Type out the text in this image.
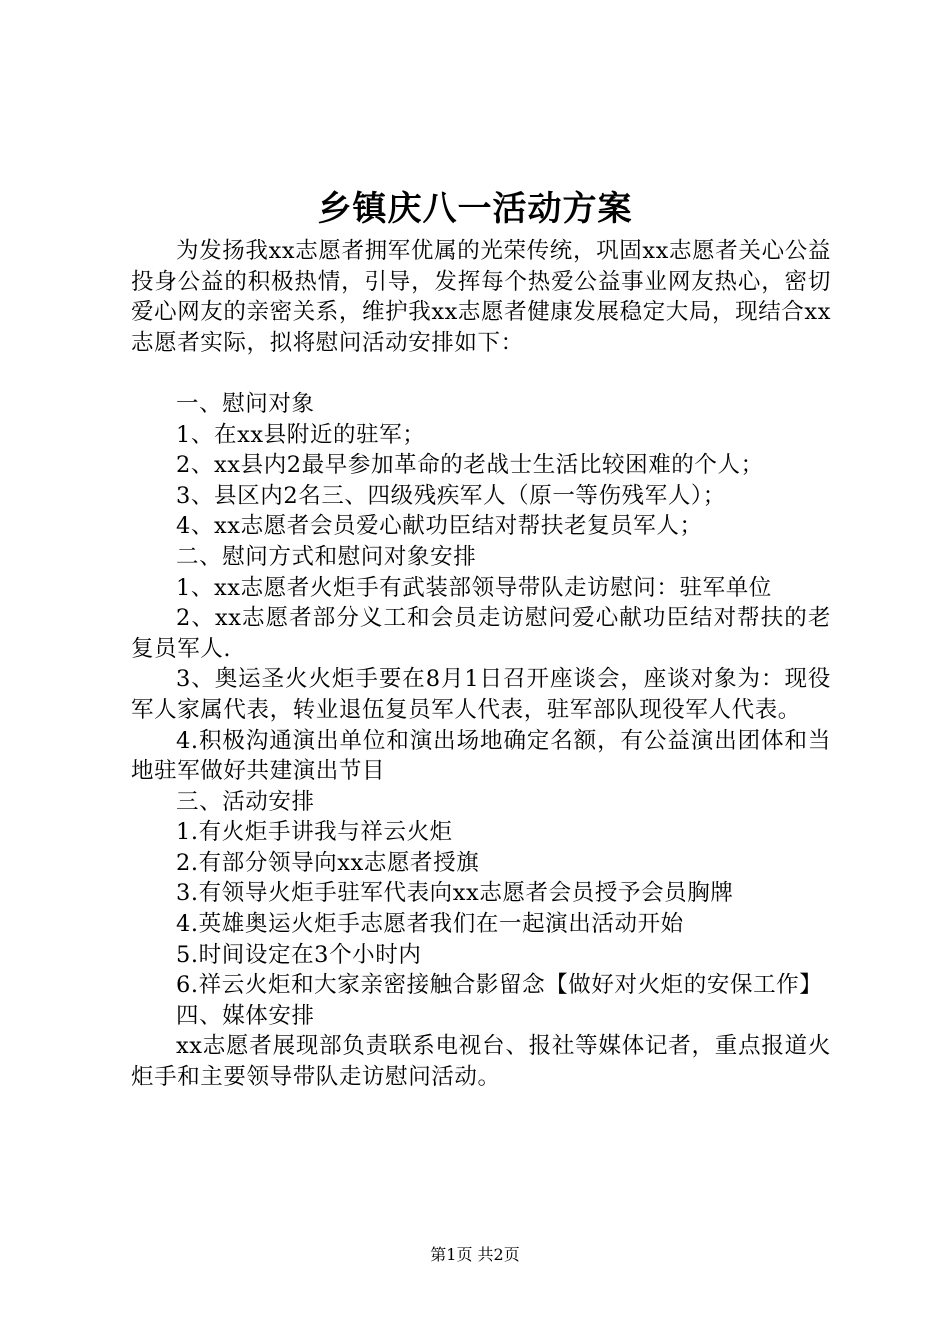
乡镇庆八一活动方案

为发扬我xx志愿者拥军优属的光荣传统，巩固xx志愿者关心公益投身公益的积极热情，引导，发挥每个热爱公益事业网友热心，密切爱心网友的亲密关系，维护我xx志愿者健康发展稳定大局，现结合xx志愿者实际，拟将慰问活动安排如下：

一、慰问对象

1、在xx县附近的驻军；

2、xx县内2最早参加革命的老战士生活比较困难的个人；

3、县区内2名三、四级残疾军人（原一等伤残军人）；

4、xx志愿者会员爱心献功臣结对帮扶老复员军人；

二、慰问方式和慰问对象安排

1、xx志愿者火炬手有武装部领导带队走访慰问：驻军单位

2、xx志愿者部分义工和会员走访慰问爱心献功臣结对帮扶的老复员军人.

3、奥运圣火火炬手要在8月1日召开座谈会，座谈对象为：现役军人家属代表，转业退伍复员军人代表，驻军部队现役军人代表。

4.积极沟通演出单位和演出场地确定名额，有公益演出团体和当地驻军做好共建演出节目

三、活动安排

1.有火炬手讲我与祥云火炬

2.有部分领导向xx志愿者授旗

3.有领导火炬手驻军代表向xx志愿者会员授予会员胸牌

4.英雄奥运火炬手志愿者我们在一起演出活动开始

5.时间设定在3个小时内

6.祥云火炬和大家亲密接触合影留念【做好对火炬的安保工作】

四、媒体安排

xx志愿者展现部负责联系电视台、报社等媒体记者，重点报道火炬手和主要领导带队走访慰问活动。

第1页 共2页
